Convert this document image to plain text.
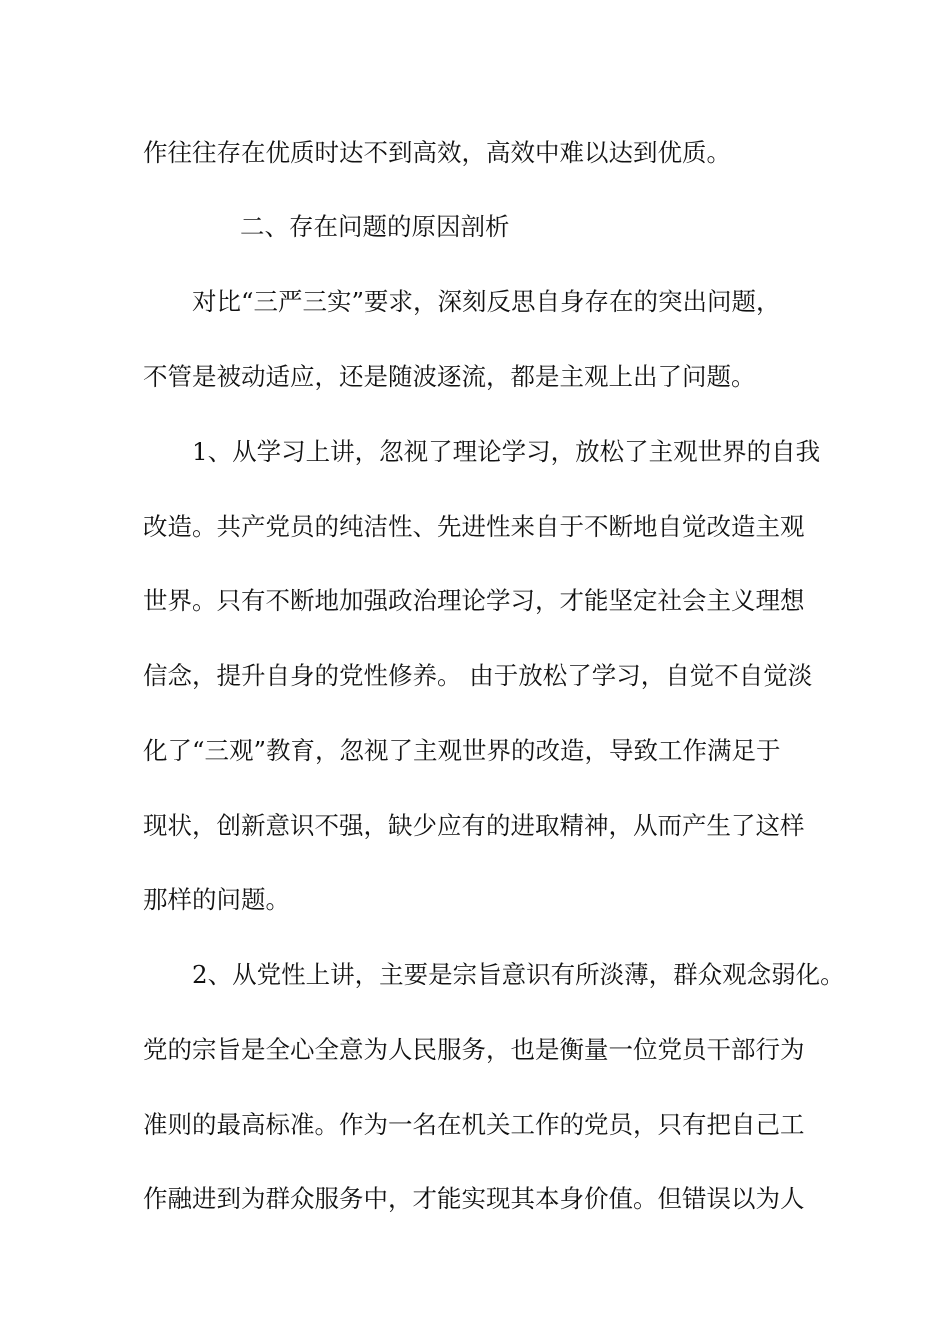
作往往存在优质时达不到高效，高效中难以达到优质。
二、存在问题的原因剖析
对比“三严三实”要求，深刻反思自身存在的突出问题，
不管是被动适应，还是随波逐流，都是主观上出了问题。
1、从学习上讲，忽视了理论学习，放松了主观世界的自我
改造。共产党员的纯洁性、先进性来自于不断地自觉改造主观
世界。只有不断地加强政治理论学习，才能坚定社会主义理想
信念，提升自身的党性修养。 由于放松了学习，自觉不自觉淡
化了“三观”教育，忽视了主观世界的改造，导致工作满足于
现状，创新意识不强，缺少应有的进取精神，从而产生了这样
那样的问题。
2、从党性上讲，主要是宗旨意识有所淡薄，群众观念弱化。
党的宗旨是全心全意为人民服务，也是衡量一位党员干部行为
准则的最高标准。作为一名在机关工作的党员，只有把自己工
作融进到为群众服务中，才能实现其本身价值。但错误以为人
